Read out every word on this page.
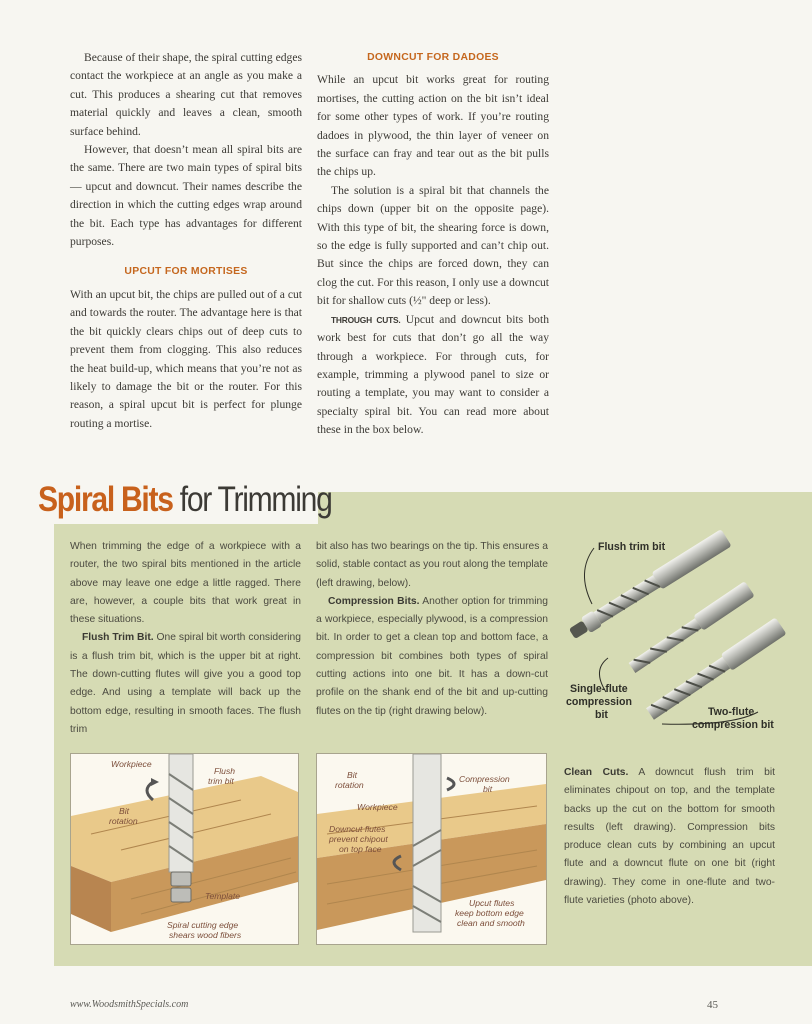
Because of their shape, the spiral cutting edges contact the workpiece at an angle as you make a cut. This produces a shearing cut that removes material quickly and leaves a clean, smooth surface behind.

However, that doesn’t mean all spiral bits are the same. There are two main types of spiral bits — upcut and downcut. Their names describe the direction in which the cutting edges wrap around the bit. Each type has advantages for different purposes.

UPCUT FOR MORTISES

With an upcut bit, the chips are pulled out of a cut and towards the router. The advantage here is that the bit quickly clears chips out of deep cuts to prevent them from clogging. This also reduces the heat build-up, which means that you’re not as likely to damage the bit or the router. For this reason, a spiral upcut bit is perfect for plunge routing a mortise.

DOWNCUT FOR DADOES

While an upcut bit works great for routing mortises, the cutting action on the bit isn’t ideal for some other types of work. If you’re routing dadoes in plywood, the thin layer of veneer on the surface can fray and tear out as the bit pulls the chips up.

The solution is a spiral bit that channels the chips down (upper bit on the opposite page). With this type of bit, the shearing force is down, so the edge is fully supported and can’t chip out. But since the chips are forced down, they can clog the cut. For this reason, I only use a downcut bit for shallow cuts (½" deep or less).

THROUGH CUTS. Upcut and downcut bits both work best for cuts that don’t go all the way through a workpiece. For through cuts, for example, trimming a plywood panel to size or routing a template, you may want to consider a specialty spiral bit. You can read more about these in the box below.

Spiral Bits for Trimming

When trimming the edge of a workpiece with a router, the two spiral bits mentioned in the article above may leave one edge a little ragged. There are, however, a couple bits that work great in these situations.

Flush Trim Bit. One spiral bit worth considering is a flush trim bit, which is the upper bit at right. The down-cutting flutes will give you a good top edge. And using a template will back up the bottom edge, resulting in smooth faces. The flush trim

bit also has two bearings on the tip. This ensures a solid, stable contact as you rout along the template (left drawing, below).

Compression Bits. Another option for trimming a workpiece, especially plywood, is a compression bit. In order to get a clean top and bottom face, a compression bit combines both types of spiral cutting actions into one bit. It has a down-cut profile on the shank end of the bit and up-cutting flutes on the tip (right drawing below).

Clean Cuts. A downcut flush trim bit eliminates chipout on top, and the template backs up the cut on the bottom for smooth results (left drawing). Compression bits produce clean cuts by combining an upcut flute and a downcut flute on one bit (right drawing). They come in one-flute and two-flute varieties (photo above).

Flush trim bit
Single-flute
compression
bit	Two-flute
compression bit
Workpiece
Flush
trim bit
Bit
rotation
Template
Spiral cutting edge
shears wood fibers
Bit
rotation
Compression
bit
Workpiece
Downcut flutes
prevent chipout
on top face
Upcut flutes
keep bottom edge
clean and smooth
www.WoodsmithSpecials.com	45
